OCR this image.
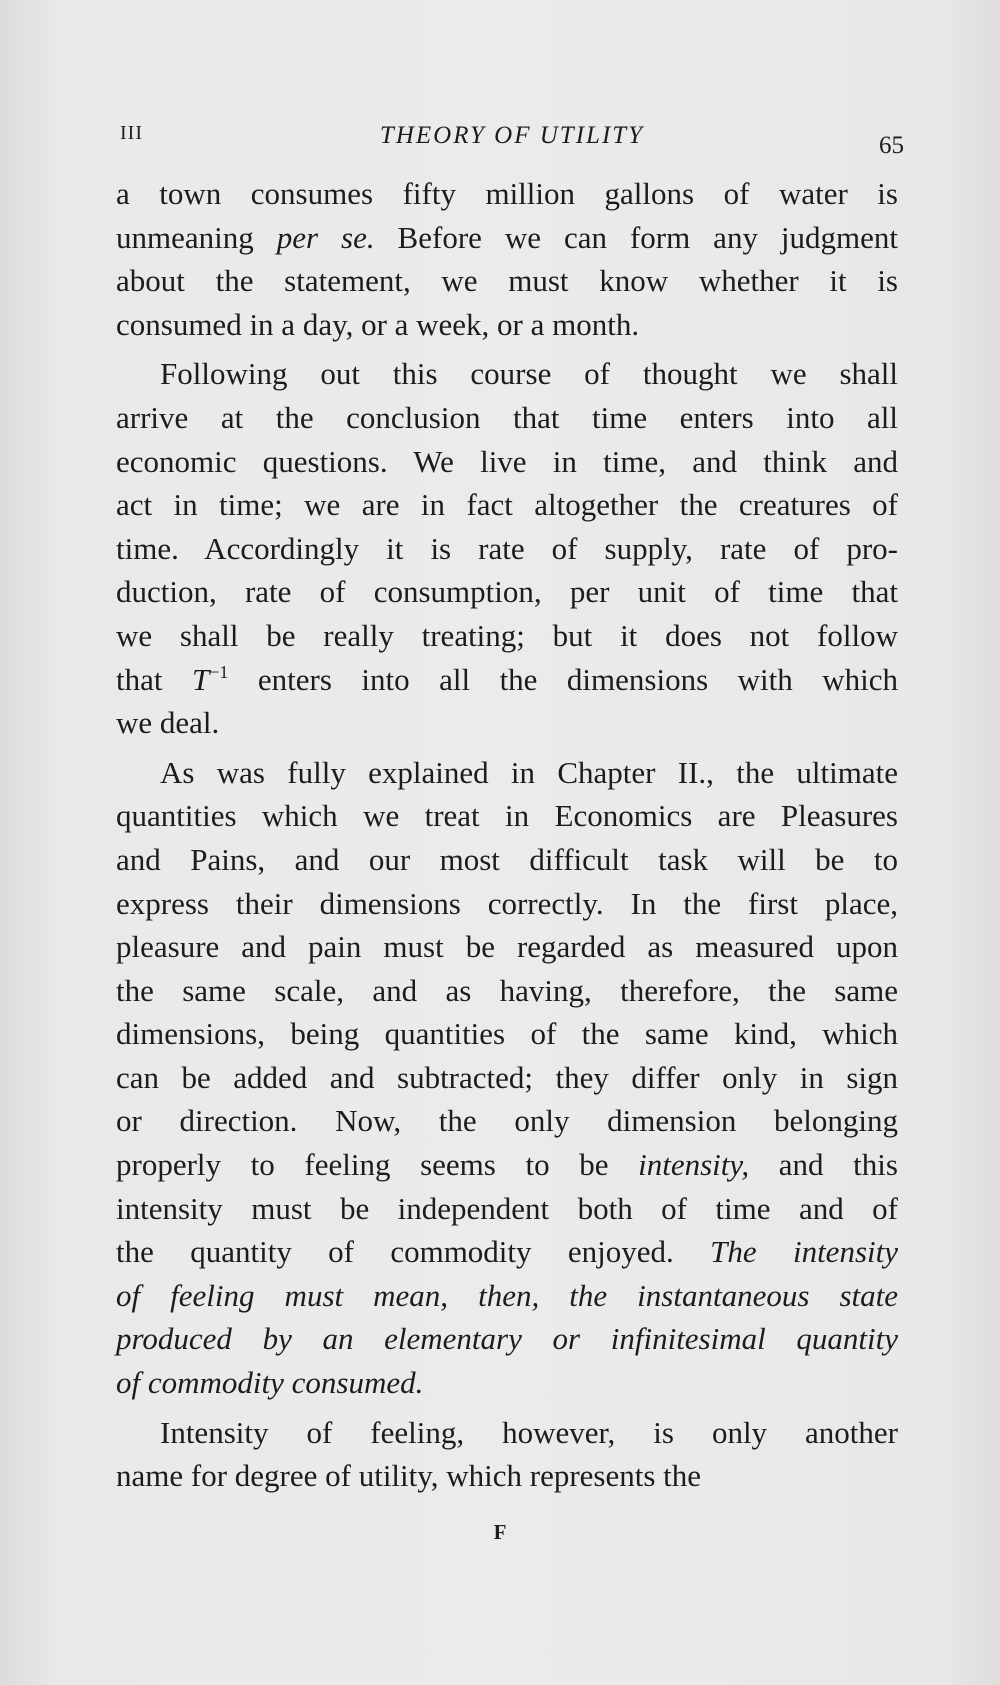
III	THEORY OF UTILITY	65
a town consumes fifty million gallons of water is
unmeaning per se. Before we can form any judgment
about the statement, we must know whether it is
consumed in a day, or a week, or a month.
Following out this course of thought we shall
arrive at the conclusion that time enters into all
economic questions. We live in time, and think and
act in time; we are in fact altogether the creatures of
time. Accordingly it is rate of supply, rate of pro-
duction, rate of consumption, per unit of time that
we shall be really treating; but it does not follow
that $T^{-1}$ enters into all the dimensions with which
we deal.
As was fully explained in Chapter II., the ultimate
quantities which we treat in Economics are Pleasures
and Pains, and our most difficult task will be to
express their dimensions correctly. In the first place,
pleasure and pain must be regarded as measured upon
the same scale, and as having, therefore, the same
dimensions, being quantities of the same kind, which
can be added and subtracted; they differ only in sign
or direction. Now, the only dimension belonging
properly to feeling seems to be intensity, and this
intensity must be independent both of time and of
the quantity of commodity enjoyed. The intensity
of feeling must mean, then, the instantaneous state
produced by an elementary or infinitesimal quantity
of commodity consumed.
Intensity of feeling, however, is only another
name for degree of utility, which represents the
F
